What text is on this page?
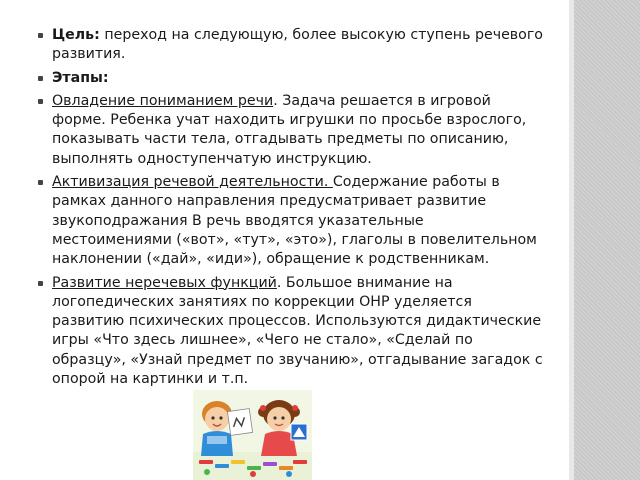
Цель: переход на следующую, более высокую ступень речевого развития.
Этапы:
Овладение пониманием речи. Задача решается в игровой форме. Ребенка учат находить игрушки по просьбе взрослого, показывать части тела, отгадывать предметы по описанию, выполнять одноступенчатую инструкцию.
Активизация речевой деятельности. Содержание работы в рамках данного направления предусматривает развитие звукоподражания В речь вводятся указательные местоимениями («вот», «тут», «это»), глаголы в повелительном наклонении («дай», «иди»), обращение к родственникам.
Развитие неречевых функций. Большое внимание на логопедических занятиях по коррекции ОНР уделяется развитию психических процессов. Используются дидактические игры «Что здесь лишнее», «Чего не стало», «Сделай по образцу», «Узнай предмет по звучанию», отгадывание загадок с опорой на картинки и т.п.
